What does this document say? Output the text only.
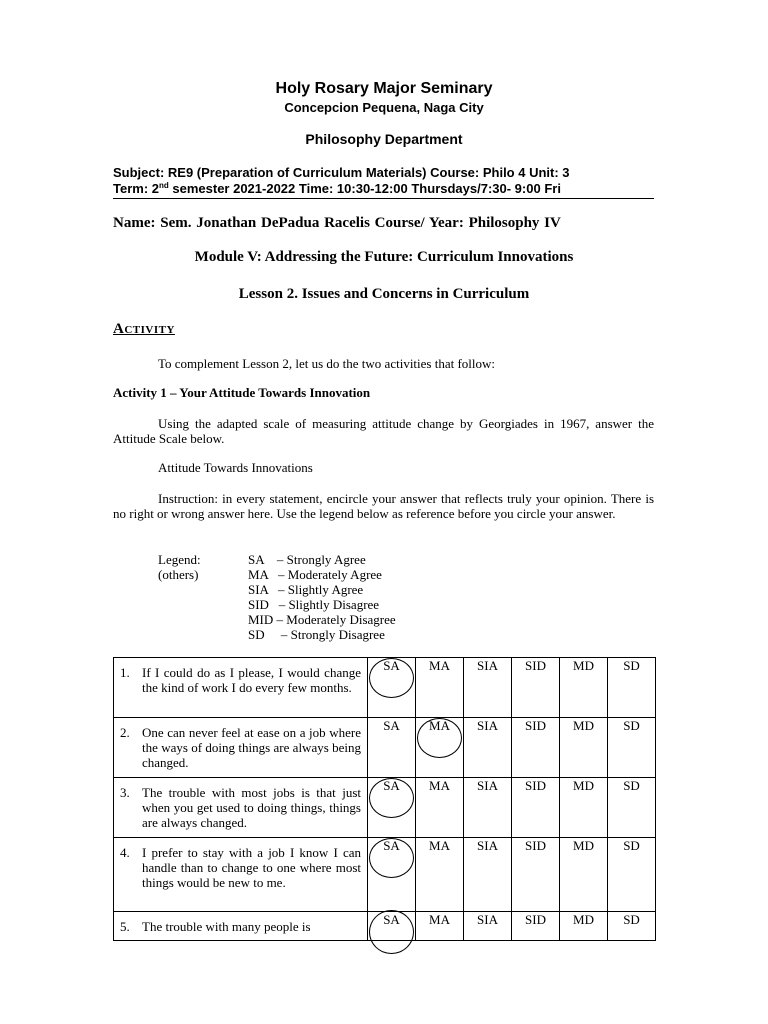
Holy Rosary Major Seminary
Concepcion Pequena, Naga City
Philosophy Department
Subject: RE9 (Preparation of Curriculum Materials) Course: Philo 4 Unit: 3
Term: 2nd semester 2021-2022 Time: 10:30-12:00 Thursdays/7:30- 9:00 Fri
Name: Sem. Jonathan DePadua Racelis Course/ Year: Philosophy IV
Module V: Addressing the Future: Curriculum Innovations
Lesson 2. Issues and Concerns in Curriculum
Activity
To complement Lesson 2, let us do the two activities that follow:
Activity 1 – Your Attitude Towards Innovation
Using the adapted scale of measuring attitude change by Georgiades in 1967, answer the Attitude Scale below.
Attitude Towards Innovations
Instruction: in every statement, encircle your answer that reflects truly your opinion. There is no right or wrong answer here. Use the legend below as reference before you circle your answer.
Legend:
(others)
SA    – Strongly Agree
MA   – Moderately Agree
SIA   – Slightly Agree
SID   – Slightly Disagree
MID – Moderately Disagree
SD     – Strongly Disagree
1. If I could do as I please, I would change the kind of work I do every few months.	SA	MA	SIA	SID	MD	SD

2. One can never feel at ease on a job where the ways of doing things are always being changed.	SA	MA	SIA	SID	MD	SD

3. The trouble with most jobs is that just when you get used to doing things, things are always changed.	SA	MA	SIA	SID	MD	SD

4. I prefer to stay with a job I know I can handle than to change to one where most things would be new to me.	SA	MA	SIA	SID	MD	SD

5. The trouble with many people is	SA	MA	SIA	SID	MD	SD
